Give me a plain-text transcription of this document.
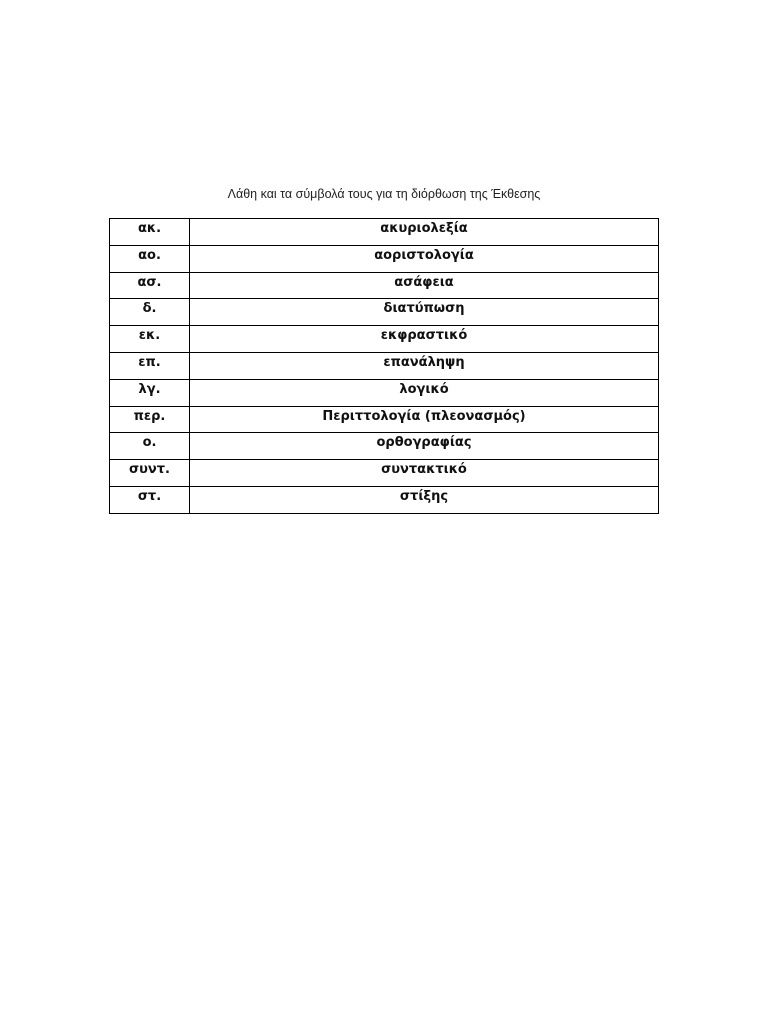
Λάθη και τα σύμβολά τους για τη διόρθωση της Έκθεσης
ακ.	ακυριολεξία
αο.	αοριστολογία
ασ.	ασάφεια
δ.	διατύπωση
εκ.	εκφραστικό
επ.	επανάληψη
λγ.	λογικό
περ.	Περιττολογία (πλεονασμός)
ο.	ορθογραφίας
συντ.	συντακτικό
στ.	στίξης
